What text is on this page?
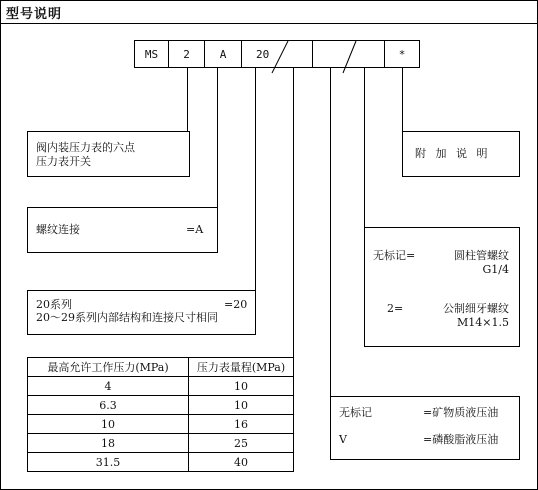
型号说明
MS	2	A	20	*
阀内装压力表的六点
压力表开关
螺纹连接	=A
20系列	=20
20～29系列内部结构和连接尺寸相同
最高允许工作压力(MPa)	压力表量程(MPa)
4	10
6.3	10
10	16
18	25
31.5	40
附 加 说 明
无标记=	圆柱管螺纹
G1/4
2=	公制细牙螺纹
M14×1.5
无标记	=矿物质液压油
V	=磷酸脂液压油
